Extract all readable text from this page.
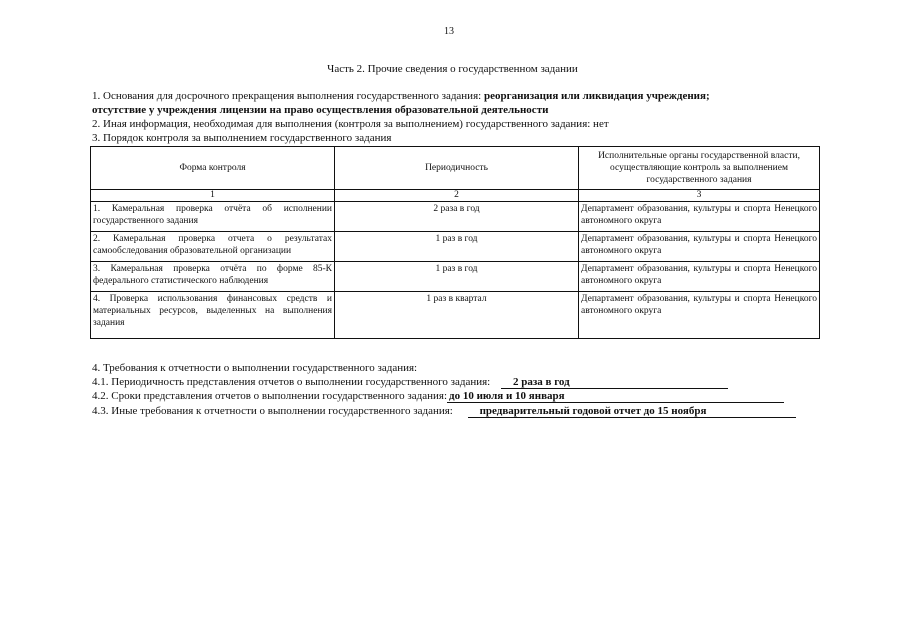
13
Часть 2. Прочие сведения о государственном задании
1. Основания для досрочного прекращения выполнения государственного задания: реорганизация или ликвидация учреждения;
отсутствие у учреждения лицензии на право осуществления образовательной деятельности
2. Иная информация, необходимая для выполнения (контроля за выполнением) государственного задания: нет
3. Порядок контроля за выполнением государственного задания
Форма контроля	Периодичность	Исполнительные органы государственной власти, осуществляющие контроль за выполнением государственного задания
1	2	3
1. Камеральная проверка отчёта об исполнении государственного задания	2 раза в год	Департамент образования, культуры и спорта Ненецкого автономного округа
2. Камеральная проверка отчета о результатах самообследования образовательной организации	1 раз в год	Департамент образования, культуры и спорта Ненецкого автономного округа
3. Камеральная проверка отчёта по форме 85-К федерального статистического наблюдения	1 раз в год	Департамент образования, культуры и спорта Ненецкого автономного округа
4. Проверка использования финансовых средств и материальных ресурсов, выделенных на выполнения задания	1 раз в квартал	Департамент образования, культуры и спорта Ненецкого автономного округа
4. Требования к отчетности о выполнении государственного задания:
4.1. Периодичность представления отчетов о выполнении государственного задания: 2 раза в год
4.2. Сроки представления отчетов о выполнении государственного задания: до 10 июля и 10 января
4.3. Иные требования к отчетности о выполнении государственного задания: предварительный годовой отчет до 15 ноября
